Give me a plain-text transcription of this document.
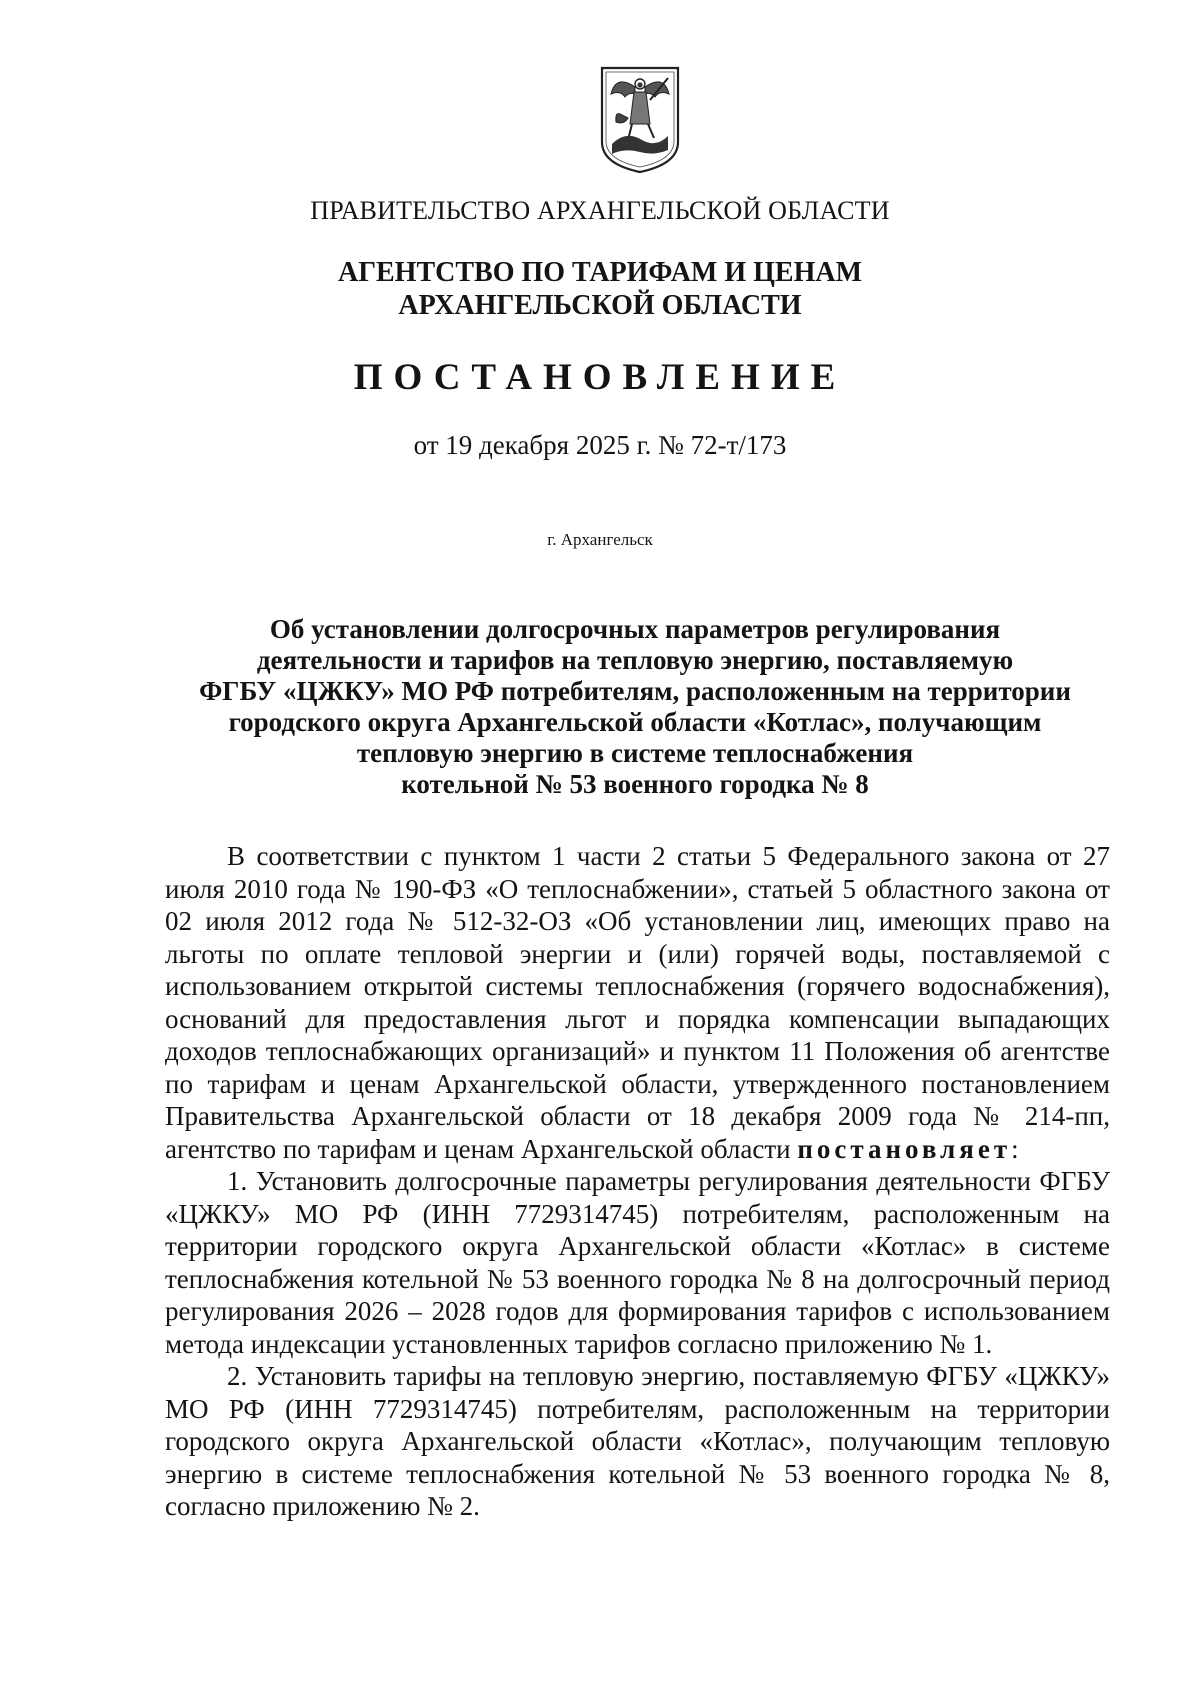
ПРАВИТЕЛЬСТВО АРХАНГЕЛЬСКОЙ ОБЛАСТИ
АГЕНТСТВО ПО ТАРИФАМ И ЦЕНАМ
АРХАНГЕЛЬСКОЙ ОБЛАСТИ
ПОСТАНОВЛЕНИЕ
от 19 декабря 2025 г. № 72-т/173
г. Архангельск
Об установлении долгосрочных параметров регулирования
деятельности и тарифов на тепловую энергию, поставляемую
ФГБУ «ЦЖКУ» МО РФ потребителям, расположенным на территории
городского округа Архангельской области «Котлас», получающим
тепловую энергию в системе теплоснабжения
котельной № 53 военного городка № 8

В соответствии с пунктом 1 части 2 статьи 5 Федерального закона от 27 июля 2010 года № 190-ФЗ «О теплоснабжении», статьей 5 областного закона от 02 июля 2012 года № 512-32-ОЗ «Об установлении лиц, имеющих право на льготы по оплате тепловой энергии и (или) горячей воды, поставляемой с использованием открытой системы теплоснабжения (горячего водоснабжения), оснований для предоставления льгот и порядка компенсации выпадающих доходов теплоснабжающих организаций» и пунктом 11 Положения об агентстве по тарифам и ценам Архангельской области, утвержденного постановлением Правительства Архангельской области от 18 декабря 2009 года № 214-пп, агентство по тарифам и ценам Архангельской области постановляет:

1. Установить долгосрочные параметры регулирования деятельности ФГБУ «ЦЖКУ» МО РФ (ИНН 7729314745) потребителям, расположенным на территории городского округа Архангельской области «Котлас» в системе теплоснабжения котельной № 53 военного городка № 8 на долгосрочный период регулирования 2026 – 2028 годов для формирования тарифов с использованием метода индексации установленных тарифов согласно приложению № 1.

2. Установить тарифы на тепловую энергию, поставляемую ФГБУ «ЦЖКУ» МО РФ (ИНН 7729314745) потребителям, расположенным на территории городского округа Архангельской области «Котлас», получающим тепловую энергию в системе теплоснабжения котельной № 53 военного городка № 8, согласно приложению № 2.
